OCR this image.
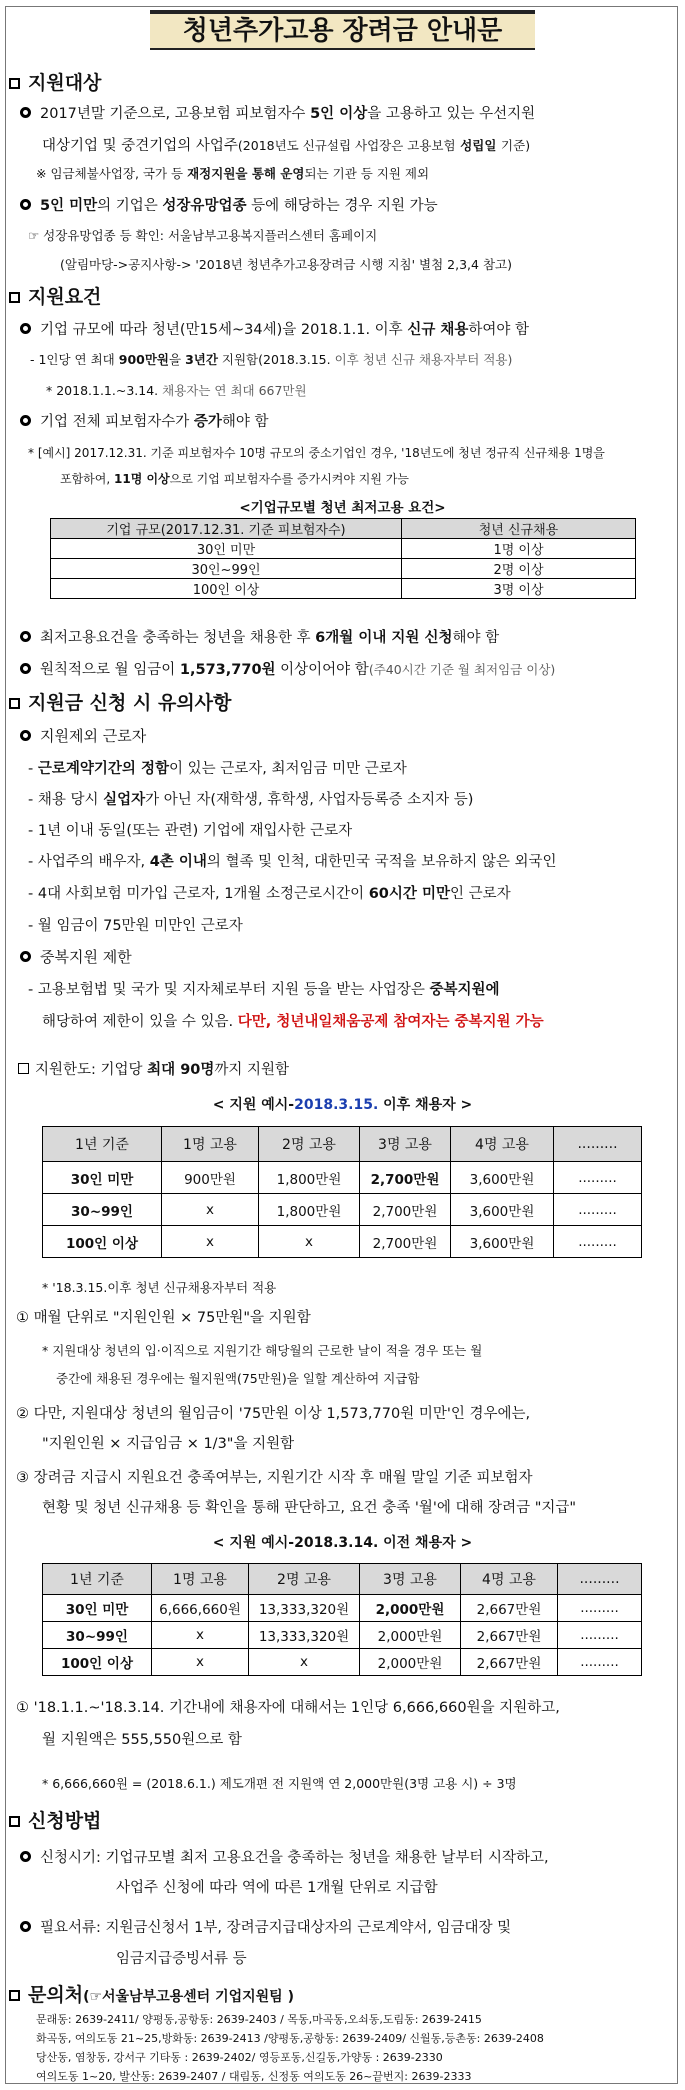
청년추가고용 장려금 안내문
지원대상
2017년말 기준으로, 고용보험 피보험자수 5인 이상을 고용하고 있는 우선지원
대상기업 및 중견기업의 사업주(2018년도 신규설립 사업장은 고용보험 성립일 기준)
※ 임금체불사업장, 국가 등 재정지원을 통해 운영되는 기관 등 지원 제외
5인 미만의 기업은 성장유망업종 등에 해당하는 경우 지원 가능
☞ 성장유망업종 등 확인: 서울남부고용복지플러스센터 홈페이지
(알림마당->공지사항-> '2018년 청년추가고용장려금 시행 지침' 별첨 2,3,4 참고)
지원요건
기업 규모에 따라 청년(만15세~34세)을 2018.1.1. 이후 신규 채용하여야 함
- 1인당 연 최대 900만원을 3년간 지원함(2018.3.15. 이후 청년 신규 채용자부터 적용)
* 2018.1.1.~3.14. 채용자는 연 최대 667만원
기업 전체 피보험자수가 증가해야 함
* [예시] 2017.12.31. 기준 피보험자수 10명 규모의 중소기업인 경우, '18년도에 청년 정규직 신규채용 1명을
포함하여, 11명 이상으로 기업 피보험자수를 증가시켜야 지원 가능
<기업규모별 청년 최저고용 요건>
기업 규모(2017.12.31. 기준 피보험자수)	청년 신규채용
30인 미만	1명 이상
30인~99인	2명 이상
100인 이상	3명 이상
최저고용요건을 충족하는 청년을 채용한 후 6개월 이내 지원 신청해야 함
원칙적으로 월 임금이 1,573,770원 이상이어야 함(주40시간 기준 월 최저임금 이상)
지원금 신청 시 유의사항
지원제외 근로자
- 근로계약기간의 정함이 있는 근로자, 최저임금 미만 근로자
- 채용 당시 실업자가 아닌 자(재학생, 휴학생, 사업자등록증 소지자 등)
- 1년 이내 동일(또는 관련) 기업에 재입사한 근로자
- 사업주의 배우자, 4촌 이내의 혈족 및 인척, 대한민국 국적을 보유하지 않은 외국인
- 4대 사회보험 미가입 근로자, 1개월 소정근로시간이 60시간 미만인 근로자
- 월 임금이 75만원 미만인 근로자
중복지원 제한
- 고용보험법 및 국가 및 지자체로부터 지원 등을 받는 사업장은 중복지원에
해당하여 제한이 있을 수 있음. 다만, 청년내일채움공제 참여자는 중복지원 가능
지원한도: 기업당 최대 90명까지 지원함
< 지원 예시-2018.3.15. 이후 채용자 >
1년 기준	1명 고용	2명 고용	3명 고용	4명 고용	.........
30인 미만	900만원	1,800만원	2,700만원	3,600만원	.........
30~99인	x	1,800만원	2,700만원	3,600만원	.........
100인 이상	x	x	2,700만원	3,600만원	.........
* '18.3.15.이후 청년 신규채용자부터 적용
① 매월 단위로 "지원인원 × 75만원"을 지원함
* 지원대상 청년의 입·이직으로 지원기간 해당월의 근로한 날이 적을 경우 또는 월
중간에 채용된 경우에는 월지원액(75만원)을 일할 계산하여 지급함
② 다만, 지원대상 청년의 월임금이 '75만원 이상 1,573,770원 미만'인 경우에는,
"지원인원 × 지급임금 × 1/3"을 지원함
③ 장려금 지급시 지원요건 충족여부는, 지원기간 시작 후 매월 말일 기준 피보험자
현황 및 청년 신규채용 등 확인을 통해 판단하고, 요건 충족 '월'에 대해 장려금 "지급"
< 지원 예시-2018.3.14. 이전 채용자 >
1년 기준	1명 고용	2명 고용	3명 고용	4명 고용	.........
30인 미만	6,666,660원	13,333,320원	2,000만원	2,667만원	.........
30~99인	x	13,333,320원	2,000만원	2,667만원	.........
100인 이상	x	x	2,000만원	2,667만원	.........
① '18.1.1.~'18.3.14. 기간내에 채용자에 대해서는 1인당 6,666,660원을 지원하고,
월 지원액은 555,550원으로 함
* 6,666,660원 = (2018.6.1.) 제도개편 전 지원액 연 2,000만원(3명 고용 시) ÷ 3명
신청방법
신청시기: 기업규모별 최저 고용요건을 충족하는 청년을 채용한 날부터 시작하고,
사업주 신청에 따라 역에 따른 1개월 단위로 지급함
필요서류: 지원금신청서 1부, 장려금지급대상자의 근로계약서, 임금대장 및
임금지급증빙서류 등
문의처(☞서울남부고용센터 기업지원팀 )
문래동: 2639-2411/ 양평동,공항동: 2639-2403 / 목동,마곡동,오쇠동,도림동: 2639-2415
화곡동, 여의도동 21~25,방화동: 2639-2413 /양평동,공항동: 2639-2409/ 신월동,등촌동: 2639-2408
당산동, 염창동, 강서구 기타동 : 2639-2402/ 영등포동,신길동,가양동 : 2639-2330
여의도동 1~20, 발산동: 2639-2407 / 대림동, 신정동 여의도동 26~끝번지: 2639-2333
